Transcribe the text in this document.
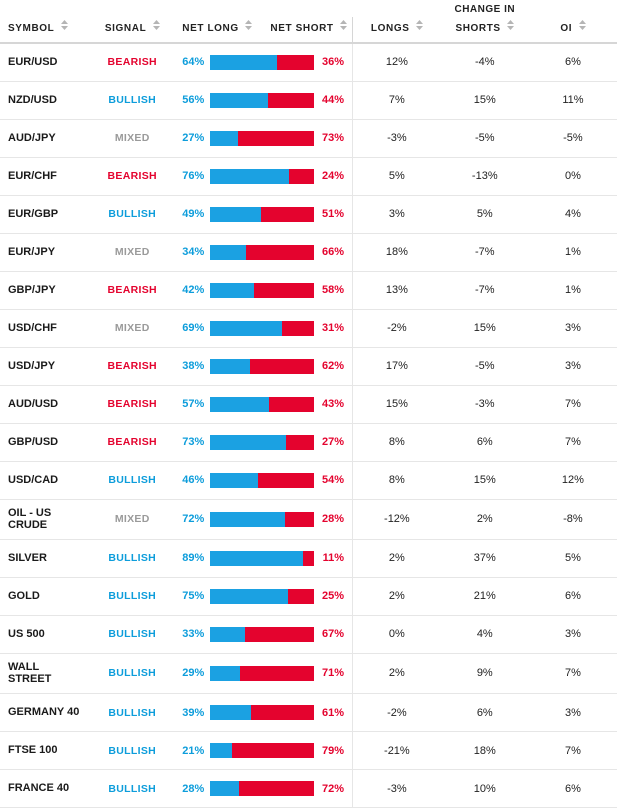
				CHANGE IN		
SYMBOL	SIGNAL	NET LONG	NET SHORT	LONGS	SHORTS	OI

EUR/USD	BEARISH	64% 36%		12%	-4%	6%
NZD/USD	BULLISH	56% 44%		7%	15%	11%
AUD/JPY	MIXED	27% 73%		-3%	-5%	-5%
EUR/CHF	BEARISH	76% 24%		5%	-13%	0%
EUR/GBP	BULLISH	49% 51%		3%	5%	4%
EUR/JPY	MIXED	34% 66%		18%	-7%	1%
GBP/JPY	BEARISH	42% 58%		13%	-7%	1%
USD/CHF	MIXED	69% 31%		-2%	15%	3%
USD/JPY	BEARISH	38% 62%		17%	-5%	3%
AUD/USD	BEARISH	57% 43%		15%	-3%	7%
GBP/USD	BEARISH	73% 27%		8%	6%	7%
USD/CAD	BULLISH	46% 54%		8%	15%	12%
OIL - US CRUDE	MIXED	72% 28%		-12%	2%	-8%
SILVER	BULLISH	89% 11%		2%	37%	5%
GOLD	BULLISH	75% 25%		2%	21%	6%
US 500	BULLISH	33% 67%		0%	4%	3%
WALL STREET	BULLISH	29% 71%		2%	9%	7%
GERMANY 40	BULLISH	39% 61%		-2%	6%	3%
FTSE 100	BULLISH	21% 79%		-21%	18%	7%
FRANCE 40	BULLISH	28% 72%		-3%	10%	6%
